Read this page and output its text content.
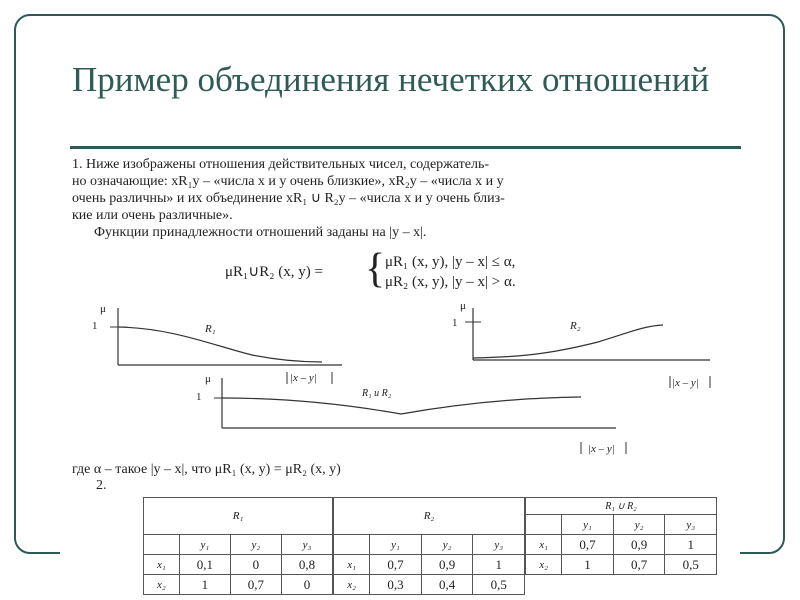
Пример объединения нечетких отношений
1. Ниже изображены отношения действительных чисел, содержатель-
но означающие: xR₁y – «числа x и y очень близкие», xR₂y – «числа x и y
очень различны» и их объединение xR₁ ∪ R₂y – «числа x и y очень близ-
кие или очень различные».
Функции принадлежности отношений заданы на |y – x|.
μR₁∪R₂ (x, y) = { μR₁ (x, y), |y – x| ≤ α,
μR₂ (x, y), |y – x| > α.
μ
1	R₁
|x – y|
μ
1	R₂
|x – y|
μ
1	R₁ и R₂
|x – y|
где α – такое |y – x|, что μR₁ (x, y) = μR₂ (x, y)
2.
R₁			
	y₁	y₂	y₃
x₁	0,1	0	0,8
x₂	1	0,7	0
R₂			
	y₁	y₂	y₃
x₁	0,7	0,9	1
x₂	0,3	0,4	0,5
R₁ ∪ R₂			
	y₁	y₂	y₃
x₁	0,7	0,9	1
x₂	1	0,7	0,5
